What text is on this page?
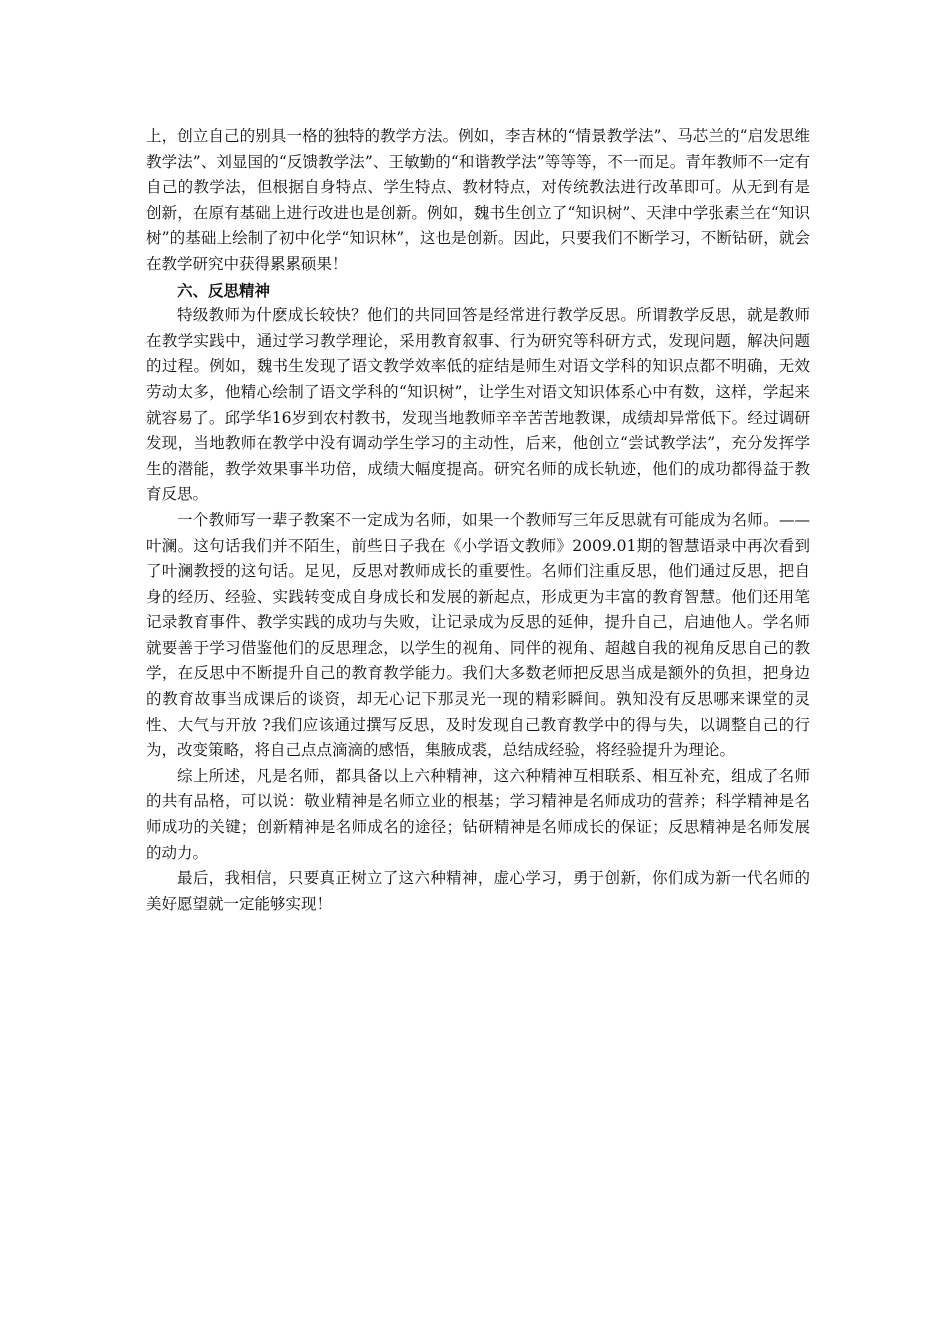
上，创立自己的别具一格的独特的教学方法。例如，李吉林的“情景教学法”、马芯兰的“启发思维教学法”、刘显国的“反馈教学法”、王敏勤的“和谐教学法”等等等，不一而足。青年教师不一定有自己的教学法，但根据自身特点、学生特点、教材特点，对传统教法进行改革即可。从无到有是创新，在原有基础上进行改进也是创新。例如，魏书生创立了“知识树”、天津中学张素兰在“知识树”的基础上绘制了初中化学“知识林”，这也是创新。因此，只要我们不断学习，不断钻研，就会在教学研究中获得累累硕果！

六、反思精神

特级教师为什麽成长较快？他们的共同回答是经常进行教学反思。所谓教学反思，就是教师在教学实践中，通过学习教学理论，采用教育叙事、行为研究等科研方式，发现问题，解决问题的过程。例如，魏书生发现了语文教学效率低的症结是师生对语文学科的知识点都不明确，无效劳动太多，他精心绘制了语文学科的“知识树”，让学生对语文知识体系心中有数，这样，学起来就容易了。邱学华16岁到农村教书，发现当地教师辛辛苦苦地教课，成绩却异常低下。经过调研发现，当地教师在教学中没有调动学生学习的主动性，后来，他创立“尝试教学法”，充分发挥学生的潜能，教学效果事半功倍，成绩大幅度提高。研究名师的成长轨迹，他们的成功都得益于教育反思。

一个教师写一辈子教案不一定成为名师，如果一个教师写三年反思就有可能成为名师。——叶澜。这句话我们并不陌生，前些日子我在《小学语文教师》2009.01期的智慧语录中再次看到了叶澜教授的这句话。足见，反思对教师成长的重要性。名师们注重反思，他们通过反思，把自身的经历、经验、实践转变成自身成长和发展的新起点，形成更为丰富的教育智慧。他们还用笔记录教育事件、教学实践的成功与失败，让记录成为反思的延伸，提升自己，启迪他人。学名师就要善于学习借鉴他们的反思理念，以学生的视角、同伴的视角、超越自我的视角反思自己的教学，在反思中不断提升自己的教育教学能力。我们大多数老师把反思当成是额外的负担，把身边的教育故事当成课后的谈资，却无心记下那灵光一现的精彩瞬间。孰知没有反思哪来课堂的灵性、大气与开放 ?我们应该通过撰写反思，及时发现自己教育教学中的得与失，以调整自己的行为，改变策略，将自己点点滴滴的感悟，集腋成裘，总结成经验，将经验提升为理论。

综上所述，凡是名师，都具备以上六种精神，这六种精神互相联系、相互补充，组成了名师的共有品格，可以说：敬业精神是名师立业的根基；学习精神是名师成功的营养；科学精神是名师成功的关键；创新精神是名师成名的途径；钻研精神是名师成长的保证；反思精神是名师发展的动力。

最后，我相信，只要真正树立了这六种精神，虚心学习，勇于创新，你们成为新一代名师的美好愿望就一定能够实现！
